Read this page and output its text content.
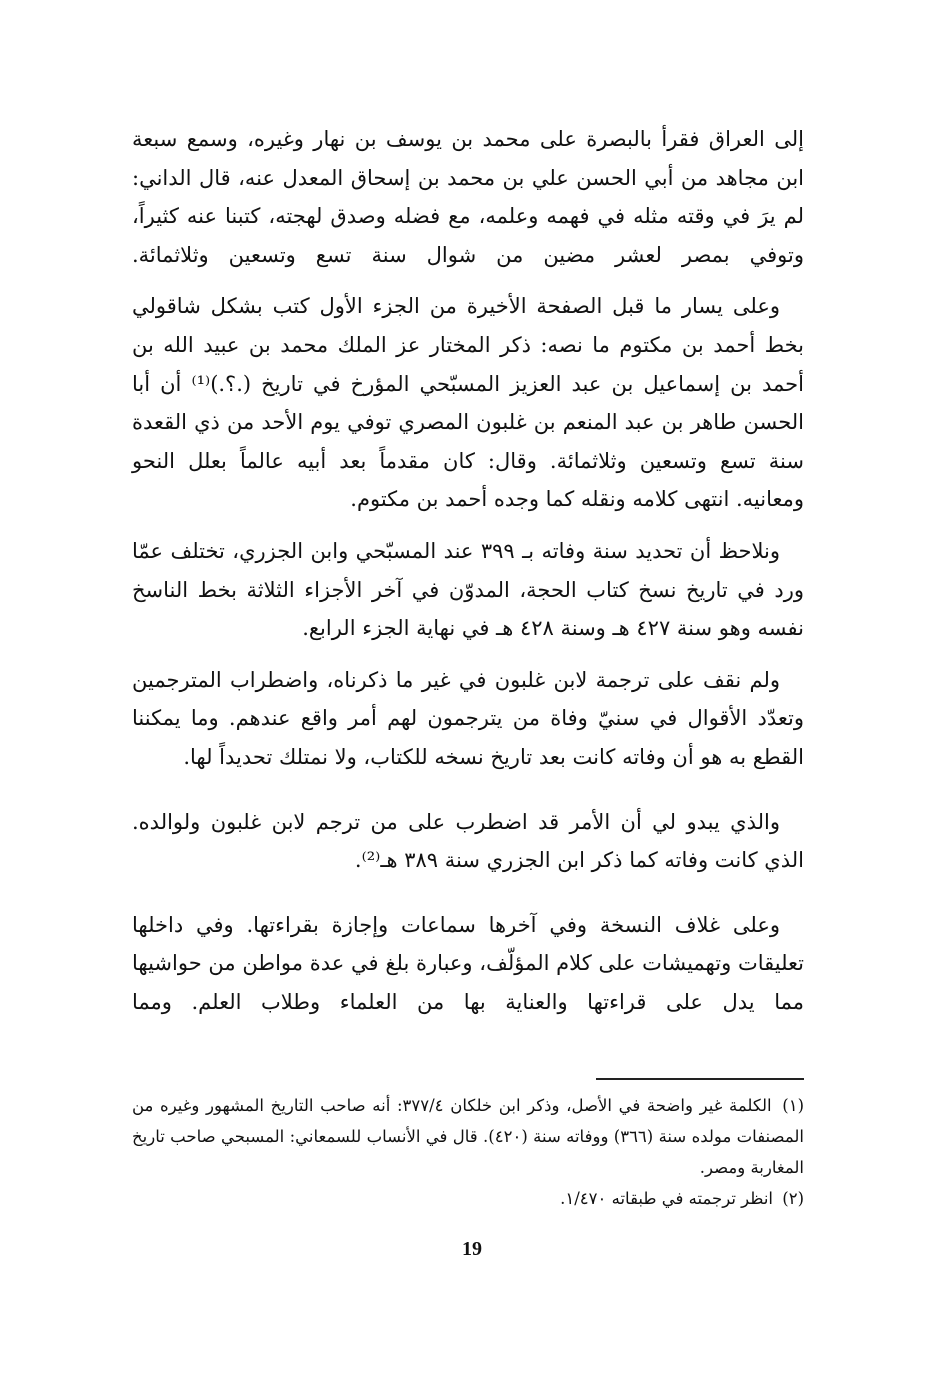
إلى العراق فقرأ بالبصرة على محمد بن يوسف بن نهار وغيره، وسمع سبعة ابن مجاهد من أبي الحسن علي بن محمد بن إسحاق المعدل عنه، قال الداني: لم يرَ في وقته مثله في فهمه وعلمه، مع فضله وصدق لهجته، كتبنا عنه كثيراً، وتوفي بمصر لعشر مضين من شوال سنة تسع وتسعين وثلاثمائة.

وعلى يسار ما قبل الصفحة الأخيرة من الجزء الأول كتب بشكل شاقولي بخط أحمد بن مكتوم ما نصه: ذكر المختار عز الملك محمد بن عبيد الله بن أحمد بن إسماعيل بن عبد العزيز المسبّحي المؤرخ في تاريخ (.؟.)⁽¹⁾ أن أبا الحسن طاهر بن عبد المنعم بن غلبون المصري توفي يوم الأحد من ذي القعدة سنة تسع وتسعين وثلاثمائة. وقال: كان مقدماً بعد أبيه عالماً بعلل النحو ومعانيه. انتهى كلامه ونقله كما وجده أحمد بن مكتوم.

ونلاحظ أن تحديد سنة وفاته بـ ٣٩٩ عند المسبّحي وابن الجزري، تختلف عمّا ورد في تاريخ نسخ كتاب الحجة، المدوّن في آخر الأجزاء الثلاثة بخط الناسخ نفسه وهو سنة ٤٢٧ هـ وسنة ٤٢٨ هـ في نهاية الجزء الرابع.

ولم نقف على ترجمة لابن غلبون في غير ما ذكرناه، واضطراب المترجمين وتعدّد الأقوال في سنيّ وفاة من يترجمون لهم أمر واقع عندهم. وما يمكننا القطع به هو أن وفاته كانت بعد تاريخ نسخه للكتاب، ولا نمتلك تحديداً لها.

والذي يبدو لي أن الأمر قد اضطرب على من ترجم لابن غلبون ولوالده. الذي كانت وفاته كما ذكر ابن الجزري سنة ٣٨٩ هـ⁽²⁾.

وعلى غلاف النسخة وفي آخرها سماعات وإجازة بقراءتها. وفي داخلها تعليقات وتهميشات على كلام المؤلّف، وعبارة بلغ في عدة مواطن من حواشيها مما يدل على قراءتها والعناية بها من العلماء وطلاب العلم. ومما

(١) الكلمة غير واضحة في الأصل، وذكر ابن خلكان ٣٧٧/٤: أنه صاحب التاريخ المشهور وغيره من المصنفات مولده سنة (٣٦٦) ووفاته سنة (٤٢٠). قال في الأنساب للسمعاني: المسبحي صاحب تاريخ المغاربة ومصر.

(٢) انظر ترجمته في طبقاته ١/٤٧٠.

19
